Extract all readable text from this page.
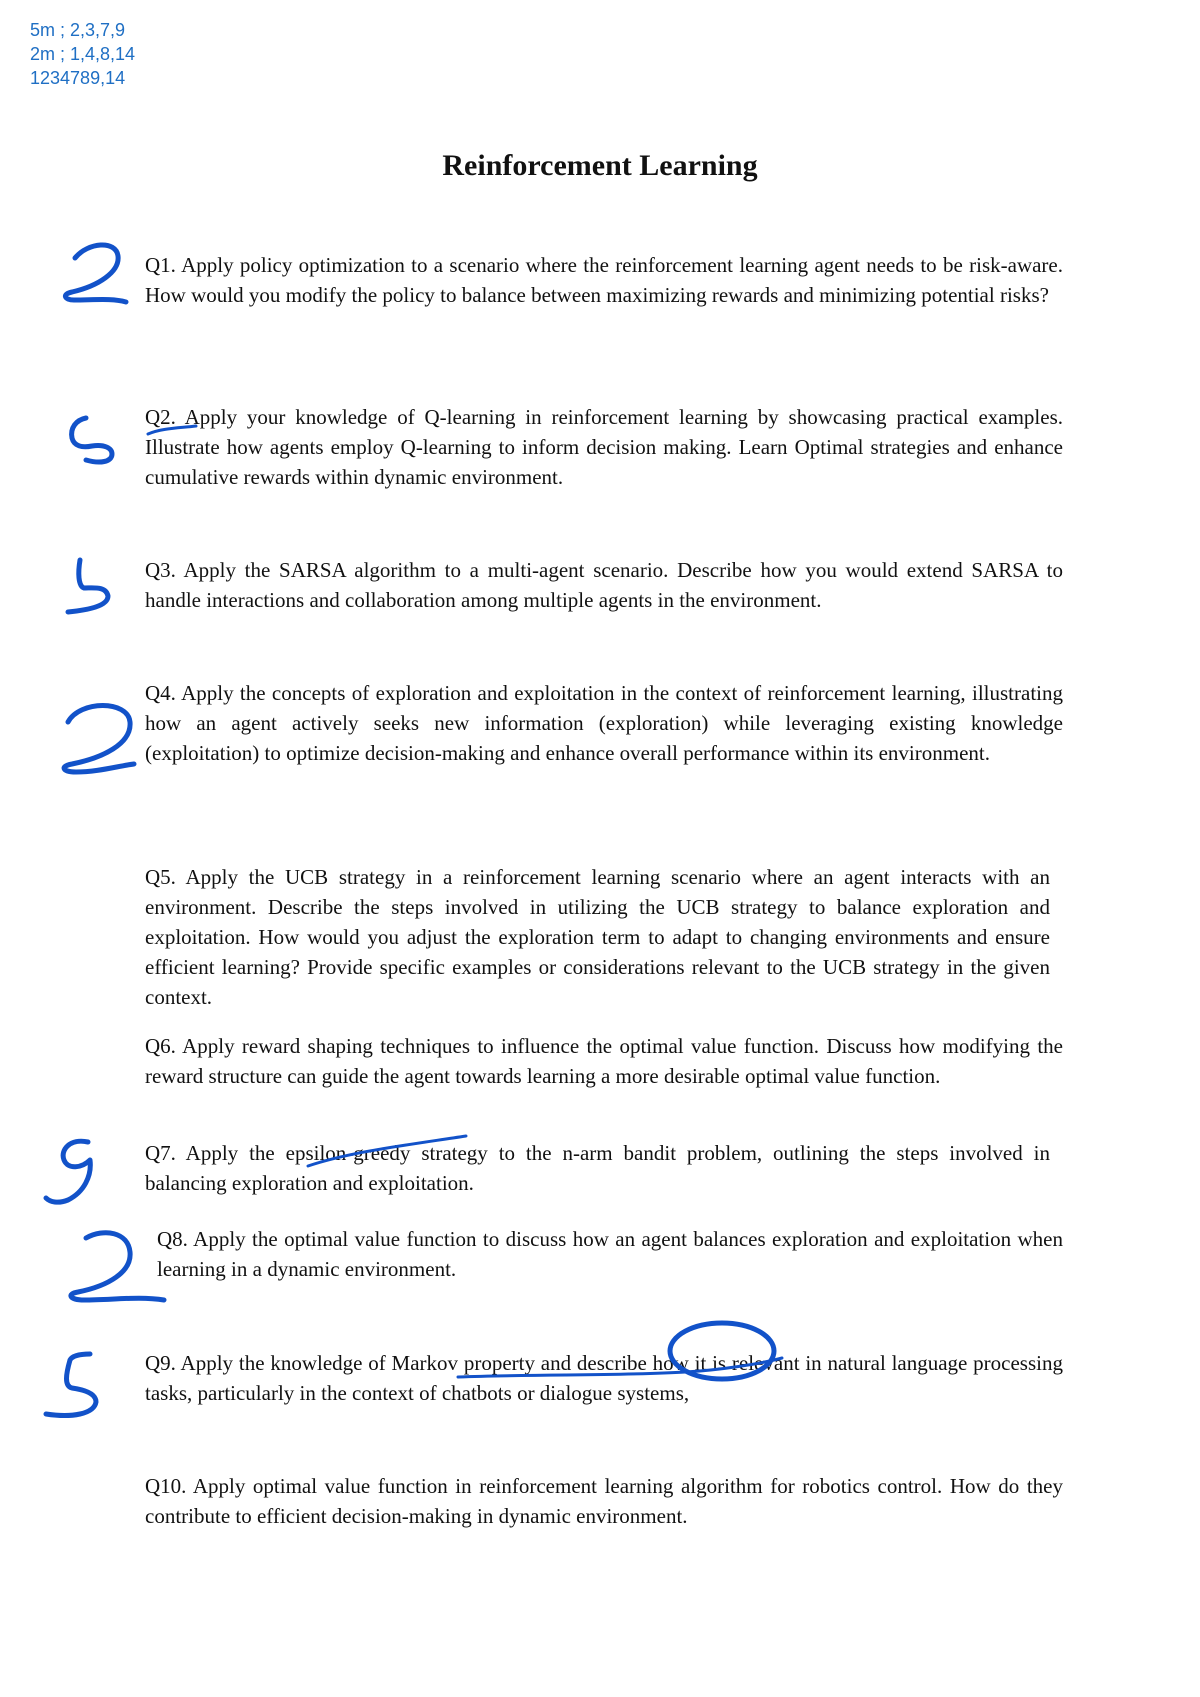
5m ; 2,3,7,9
2m ; 1,4,8,14
1234789,14
Reinforcement Learning

Q1. Apply policy optimization to a scenario where the reinforcement learning agent needs to be risk-aware. How would you modify the policy to balance between maximizing rewards and minimizing potential risks?

Q2. Apply your knowledge of Q-learning in reinforcement learning by showcasing practical examples. Illustrate how agents employ Q-learning to inform decision making. Learn Optimal strategies and enhance cumulative rewards within dynamic environment.

Q3. Apply the SARSA algorithm to a multi-agent scenario. Describe how you would extend SARSA to handle interactions and collaboration among multiple agents in the environment.

Q4. Apply the concepts of exploration and exploitation in the context of reinforcement learning, illustrating how an agent actively seeks new information (exploration) while leveraging existing knowledge (exploitation) to optimize decision-making and enhance overall performance within its environment.

Q5. Apply the UCB strategy in a reinforcement learning scenario where an agent interacts with an environment. Describe the steps involved in utilizing the UCB strategy to balance exploration and exploitation. How would you adjust the exploration term to adapt to changing environments and ensure efficient learning? Provide specific examples or considerations relevant to the UCB strategy in the given context.

Q6. Apply reward shaping techniques to influence the optimal value function. Discuss how modifying the reward structure can guide the agent towards learning a more desirable optimal value function.

Q7. Apply the epsilon-greedy strategy to the n-arm bandit problem, outlining the steps involved in balancing exploration and exploitation.

Q8. Apply the optimal value function to discuss how an agent balances exploration and exploitation when learning in a dynamic environment.

Q9. Apply the knowledge of Markov property and describe how it is relevant in natural language processing tasks, particularly in the context of chatbots or dialogue systems,

Q10. Apply optimal value function in reinforcement learning algorithm for robotics control. How do they contribute to efficient decision-making in dynamic environment.
